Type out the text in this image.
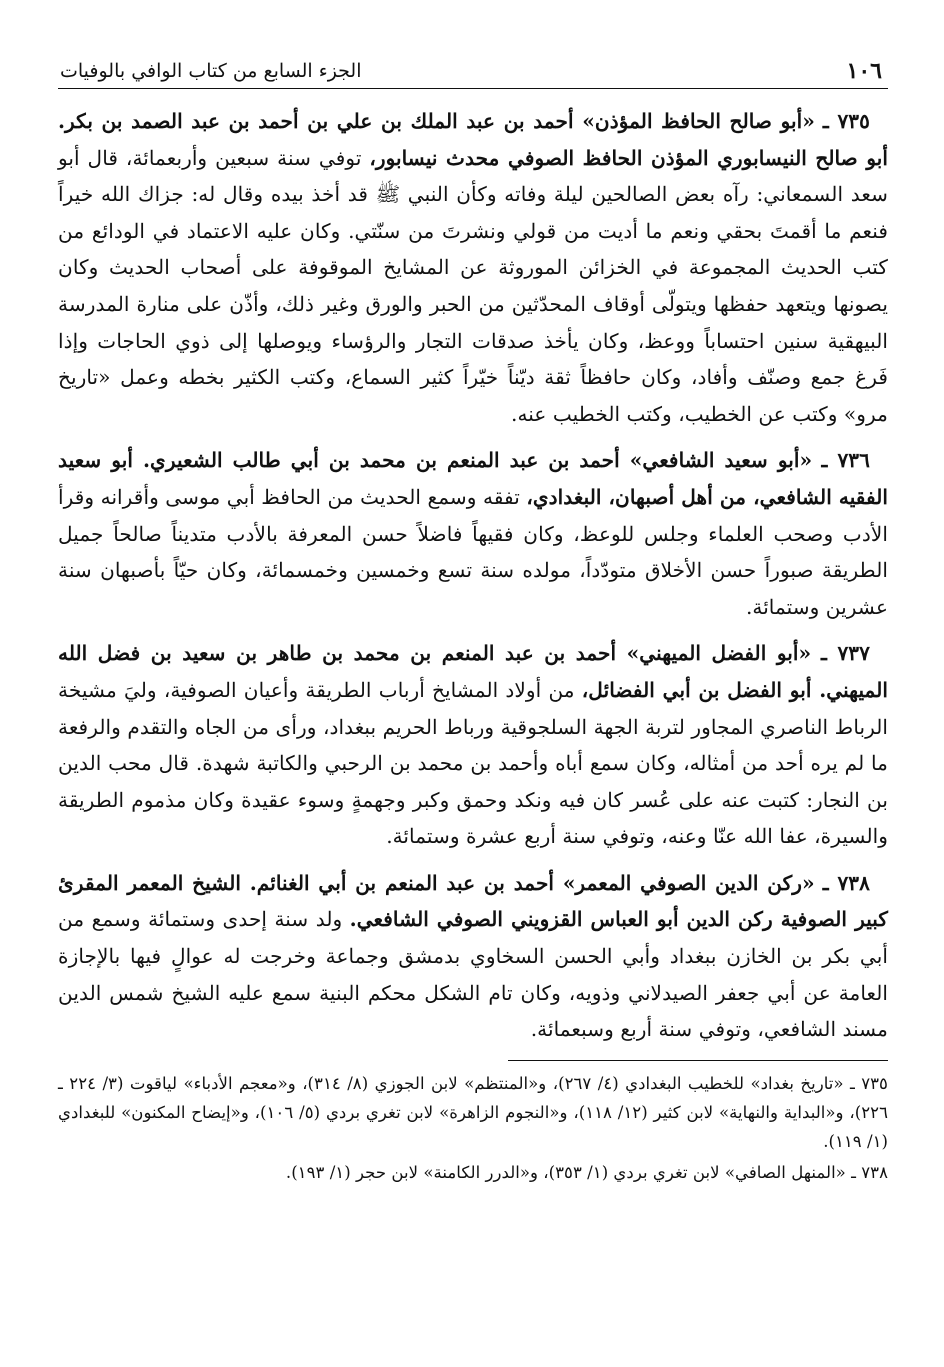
١٠٦
الجزء السابع من كتاب الوافي بالوفيات

٧٣٥ ـ «أبو صالح الحافظ المؤذن» أحمد بن عبد الملك بن علي بن أحمد بن عبد الصمد بن بكر. أبو صالح النيسابوري المؤذن الحافظ الصوفي محدث نيسابور، توفي سنة سبعين وأربعمائة، قال أبو سعد السمعاني: رآه بعض الصالحين ليلة وفاته وكأن النبي ﷺ قد أخذ بيده وقال له: جزاك الله خيراً فنعم ما أقمتَ بحقي ونعم ما أديت من قولي ونشرتَ من سنّتي. وكان عليه الاعتماد في الودائع من كتب الحديث المجموعة في الخزائن الموروثة عن المشايخ الموقوفة على أصحاب الحديث وكان يصونها ويتعهد حفظها ويتولّى أوقاف المحدّثين من الحبر والورق وغير ذلك، وأذّن على منارة المدرسة البيهقية سنين احتساباً ووعظ، وكان يأخذ صدقات التجار والرؤساء ويوصلها إلى ذوي الحاجات وإذا فَرغ جمع وصنّف وأفاد، وكان حافظاً ثقة ديّناً خيّراً كثير السماع، وكتب الكثير بخطه وعمل «تاريخ مرو» وكتب عن الخطيب، وكتب الخطيب عنه.

٧٣٦ ـ «أبو سعيد الشافعي» أحمد بن عبد المنعم بن محمد بن أبي طالب الشعيري. أبو سعيد الفقيه الشافعي، من أهل أصبهان، البغدادي، تفقه وسمع الحديث من الحافظ أبي موسى وأقرانه وقرأ الأدب وصحب العلماء وجلس للوعظ، وكان فقيهاً فاضلاً حسن المعرفة بالأدب متديناً صالحاً جميل الطريقة صبوراً حسن الأخلاق متودّداً، مولده سنة تسع وخمسين وخمسمائة، وكان حيّاً بأصبهان سنة عشرين وستمائة.

٧٣٧ ـ «أبو الفضل الميهني» أحمد بن عبد المنعم بن محمد بن طاهر بن سعيد بن فضل الله الميهني. أبو الفضل بن أبي الفضائل، من أولاد المشايخ أرباب الطريقة وأعيان الصوفية، وليَ مشيخة الرباط الناصري المجاور لتربة الجهة السلجوقية ورباط الحريم ببغداد، ورأى من الجاه والتقدم والرفعة ما لم يره أحد من أمثاله، وكان سمع أباه وأحمد بن محمد بن الرحبي والكاتبة شهدة. قال محب الدين بن النجار: كتبت عنه على عُسر كان فيه ونكد وحمق وكبر وجهمةٍ وسوء عقيدة وكان مذموم الطريقة والسيرة، عفا الله عنّا وعنه، وتوفي سنة أربع عشرة وستمائة.

٧٣٨ ـ «ركن الدين الصوفي المعمر» أحمد بن عبد المنعم بن أبي الغنائم. الشيخ المعمر المقرئ كبير الصوفية ركن الدين أبو العباس القزويني الصوفي الشافعي. ولد سنة إحدى وستمائة وسمع من أبي بكر بن الخازن ببغداد وأبي الحسن السخاوي بدمشق وجماعة وخرجت له عوالٍ فيها بالإجازة العامة عن أبي جعفر الصيدلاني وذويه، وكان تام الشكل محكم البنية سمع عليه الشيخ شمس الدين مسند الشافعي، وتوفي سنة أربع وسبعمائة.

٧٣٥ ـ «تاريخ بغداد» للخطيب البغدادي (٤/ ٢٦٧)، و«المنتظم» لابن الجوزي (٨/ ٣١٤)، و«معجم الأدباء» لياقوت (٣/ ٢٢٤ ـ ٢٢٦)، و«البداية والنهاية» لابن كثير (١٢/ ١١٨)، و«النجوم الزاهرة» لابن تغري بردي (٥/ ١٠٦)، و«إيضاح المكنون» للبغدادي (١/ ١١٩).

٧٣٨ ـ «المنهل الصافي» لابن تغري بردي (١/ ٣٥٣)، و«الدرر الكامنة» لابن حجر (١/ ١٩٣).
